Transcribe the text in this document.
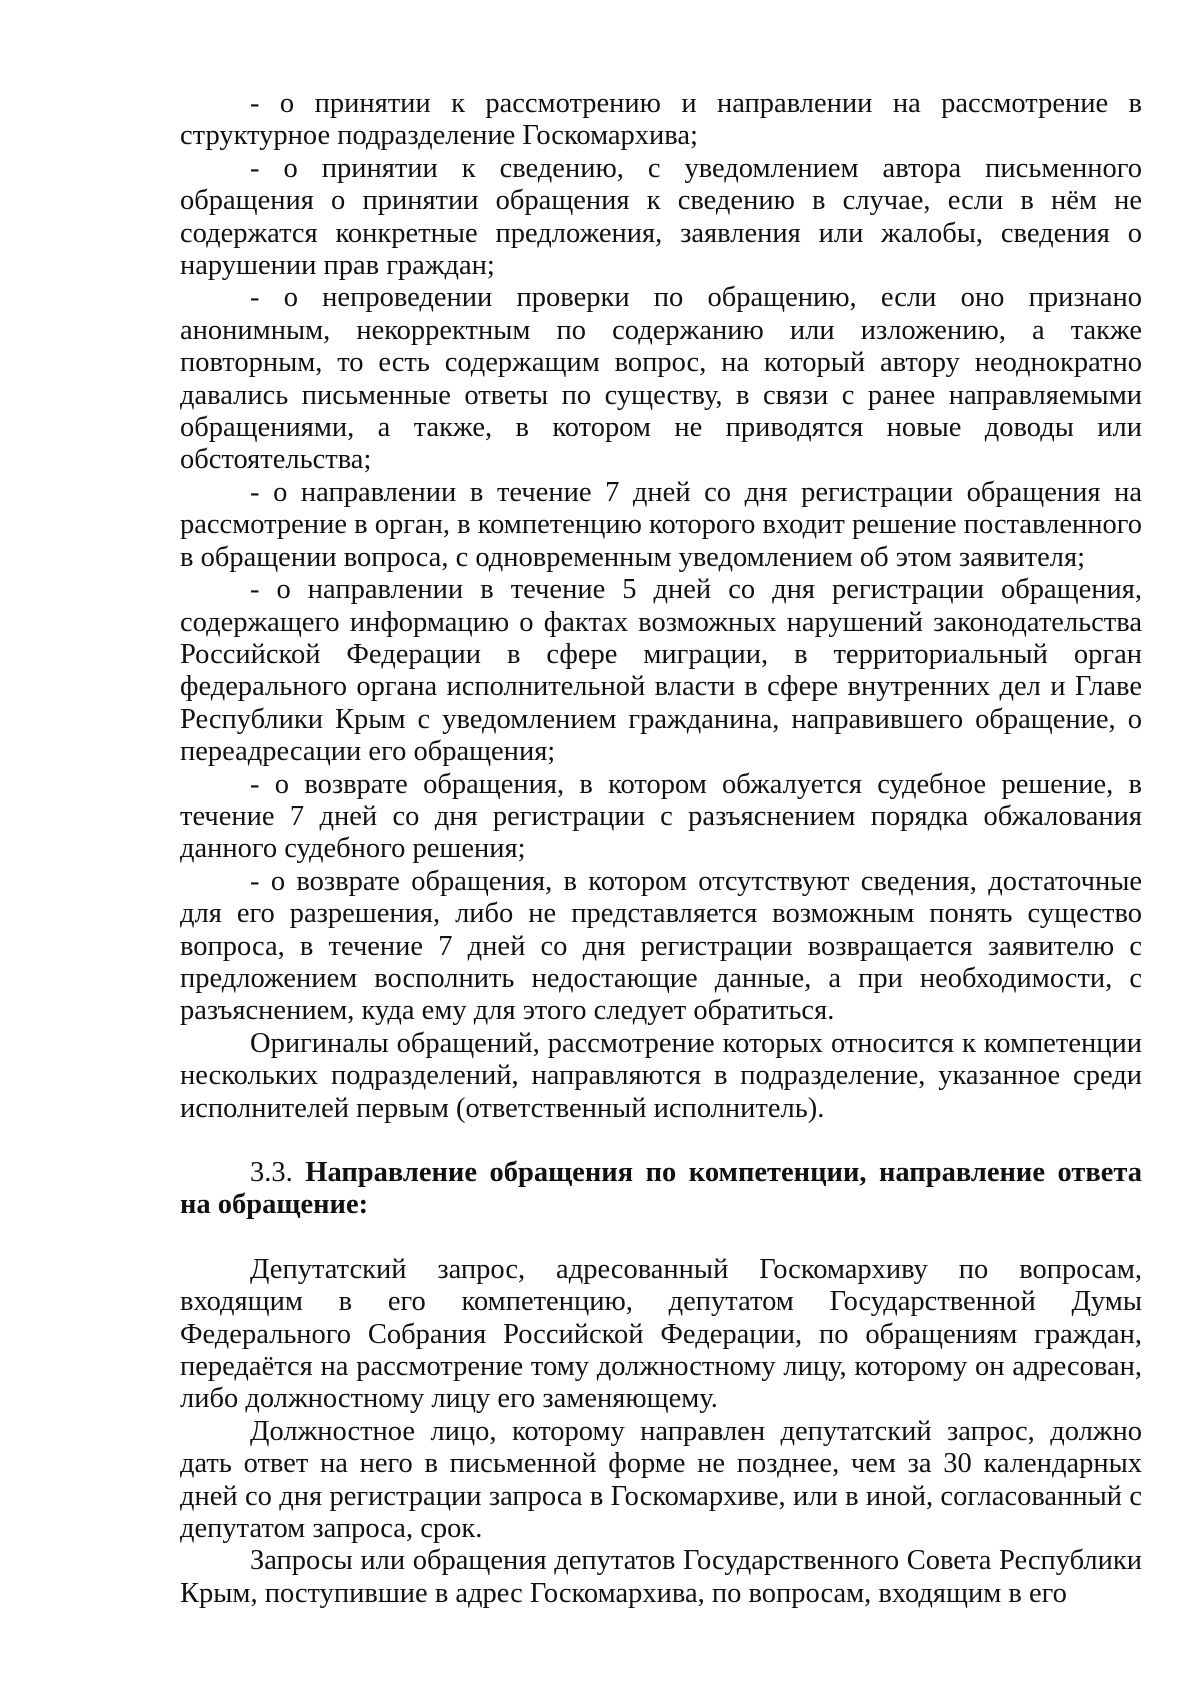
- о принятии к рассмотрению и направлении на рассмотрение в структурное подразделение Госкомархива;

- о принятии к сведению, с уведомлением автора письменного обращения о принятии обращения к сведению в случае, если в нём не содержатся конкретные предложения, заявления или жалобы, сведения о нарушении прав граждан;

- о непроведении проверки по обращению, если оно признано анонимным, некорректным по содержанию или изложению, а также повторным, то есть содержащим вопрос, на который автору неоднократно давались письменные ответы по существу, в связи с ранее направляемыми обращениями, а также, в котором не приводятся новые доводы или обстоятельства;

- о направлении в течение 7 дней со дня регистрации обращения на рассмотрение в орган, в компетенцию которого входит решение поставленного в обращении вопроса, с одновременным уведомлением об этом заявителя;

- о направлении в течение 5 дней со дня регистрации обращения, содержащего информацию о фактах возможных нарушений законодательства Российской Федерации в сфере миграции, в территориальный орган федерального органа исполнительной власти в сфере внутренних дел и Главе Республики Крым с уведомлением гражданина, направившего обращение, о переадресации его обращения;

- о возврате обращения, в котором обжалуется судебное решение, в течение 7 дней со дня регистрации с разъяснением порядка обжалования данного судебного решения;

- о возврате обращения, в котором отсутствуют сведения, достаточные для его разрешения, либо не представляется возможным понять существо вопроса, в течение 7 дней со дня регистрации возвращается заявителю с предложением восполнить недостающие данные, а при необходимости, с разъяснением, куда ему для этого следует обратиться.

Оригиналы обращений, рассмотрение которых относится к компетенции нескольких подразделений, направляются в подразделение, указанное среди исполнителей первым (ответственный исполнитель).

3.3. Направление обращения по компетенции, направление ответа на обращение:

Депутатский запрос, адресованный Госкомархиву по вопросам, входящим в его компетенцию, депутатом Государственной Думы Федерального Собрания Российской Федерации, по обращениям граждан, передаётся на рассмотрение тому должностному лицу, которому он адресован, либо должностному лицу его заменяющему.

Должностное лицо, которому направлен депутатский запрос, должно дать ответ на него в письменной форме не позднее, чем за 30 календарных дней со дня регистрации запроса в Госкомархиве, или в иной, согласованный с депутатом запроса, срок.

Запросы или обращения депутатов Государственного Совета Республики Крым, поступившие в адрес Госкомархива, по вопросам, входящим в его
